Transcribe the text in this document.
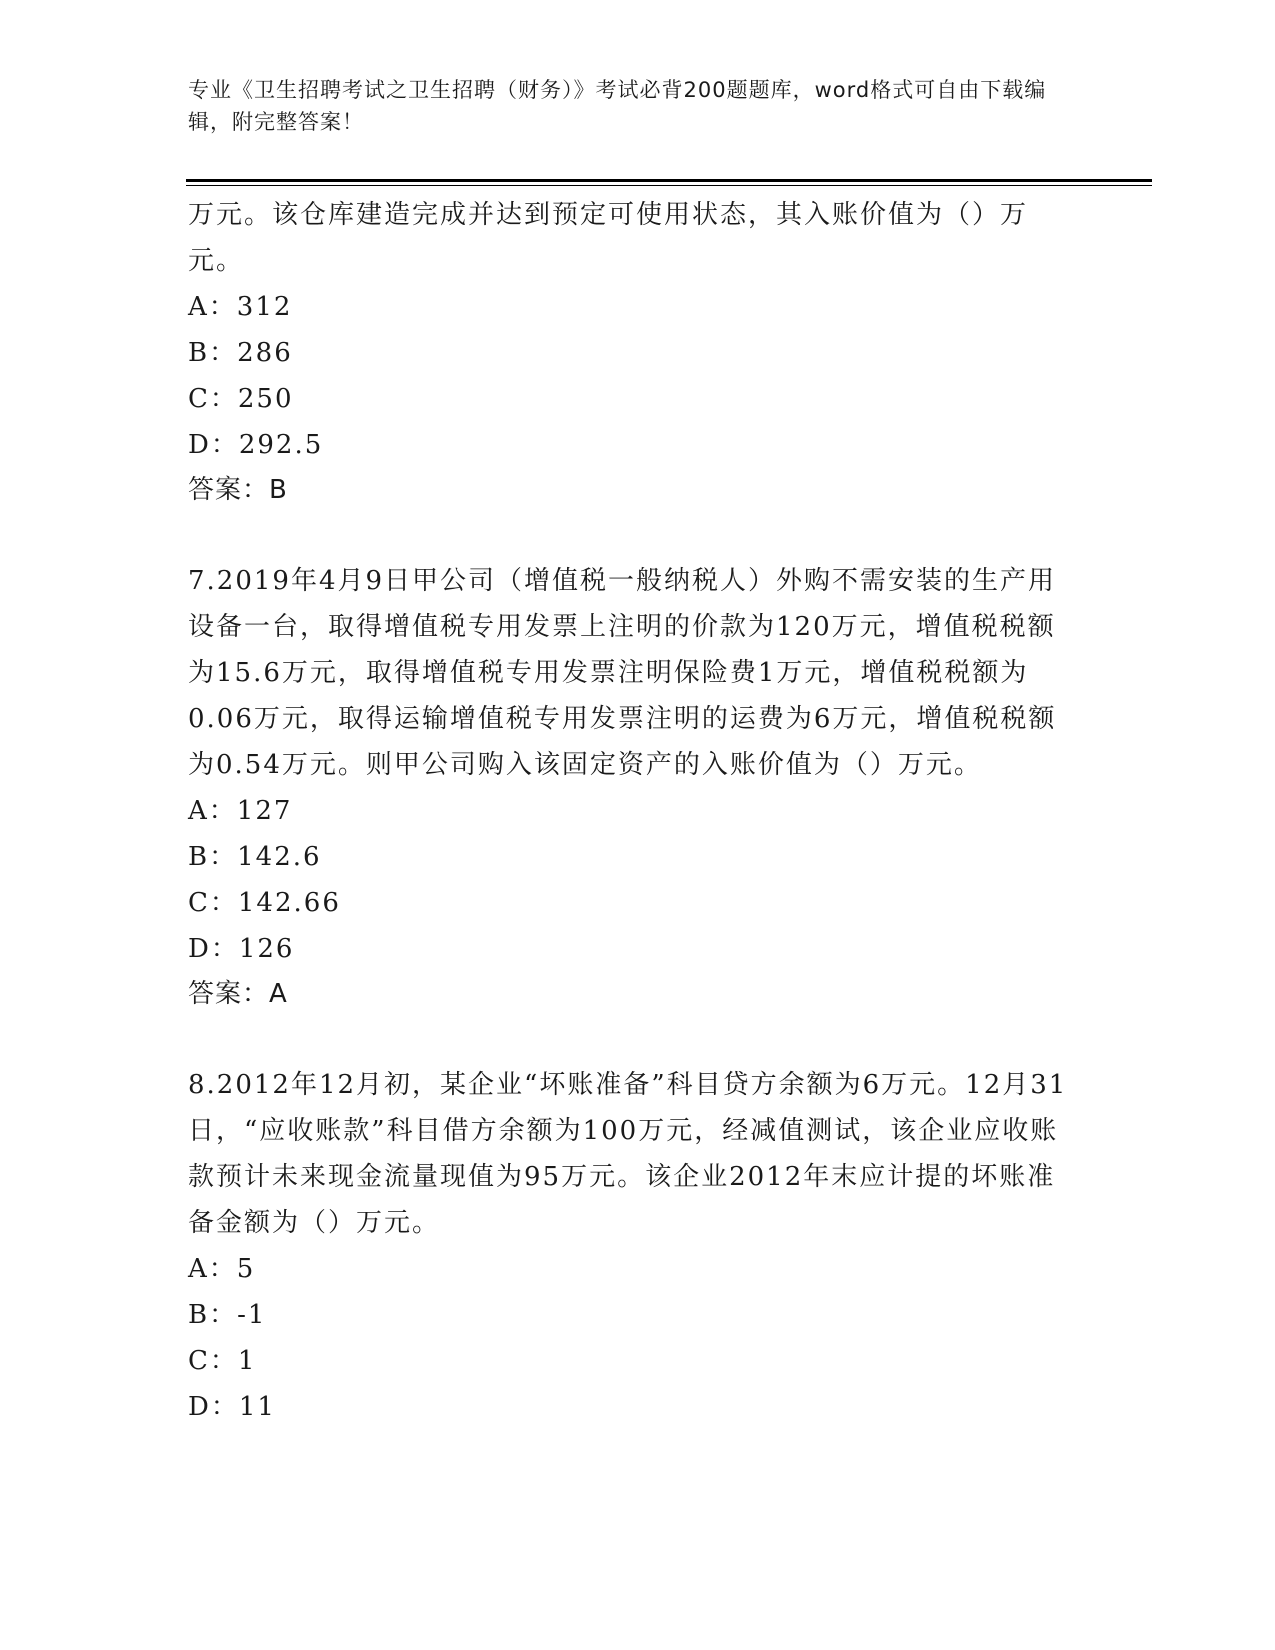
专业《卫生招聘考试之卫生招聘（财务）》考试必背200题题库，word格式可自由下载编辑，附完整答案！

万元。该仓库建造完成并达到预定可使用状态，其入账价值为（）万元。

A：312

B：286

C：250

D：292.5

答案：B

7.2019年4月9日甲公司（增值税一般纳税人）外购不需安装的生产用设备一台，取得增值税专用发票上注明的价款为120万元，增值税税额为15.6万元，取得增值税专用发票注明保险费1万元，增值税税额为0.06万元，取得运输增值税专用发票注明的运费为6万元，增值税税额为0.54万元。则甲公司购入该固定资产的入账价值为（）万元。

A：127

B：142.6

C：142.66

D：126

答案：A

8.2012年12月初，某企业“坏账准备”科目贷方余额为6万元。12月31日，“应收账款”科目借方余额为100万元，经减值测试，该企业应收账款预计未来现金流量现值为95万元。该企业2012年末应计提的坏账准备金额为（）万元。

A：5

B：-1

C：1

D：11
